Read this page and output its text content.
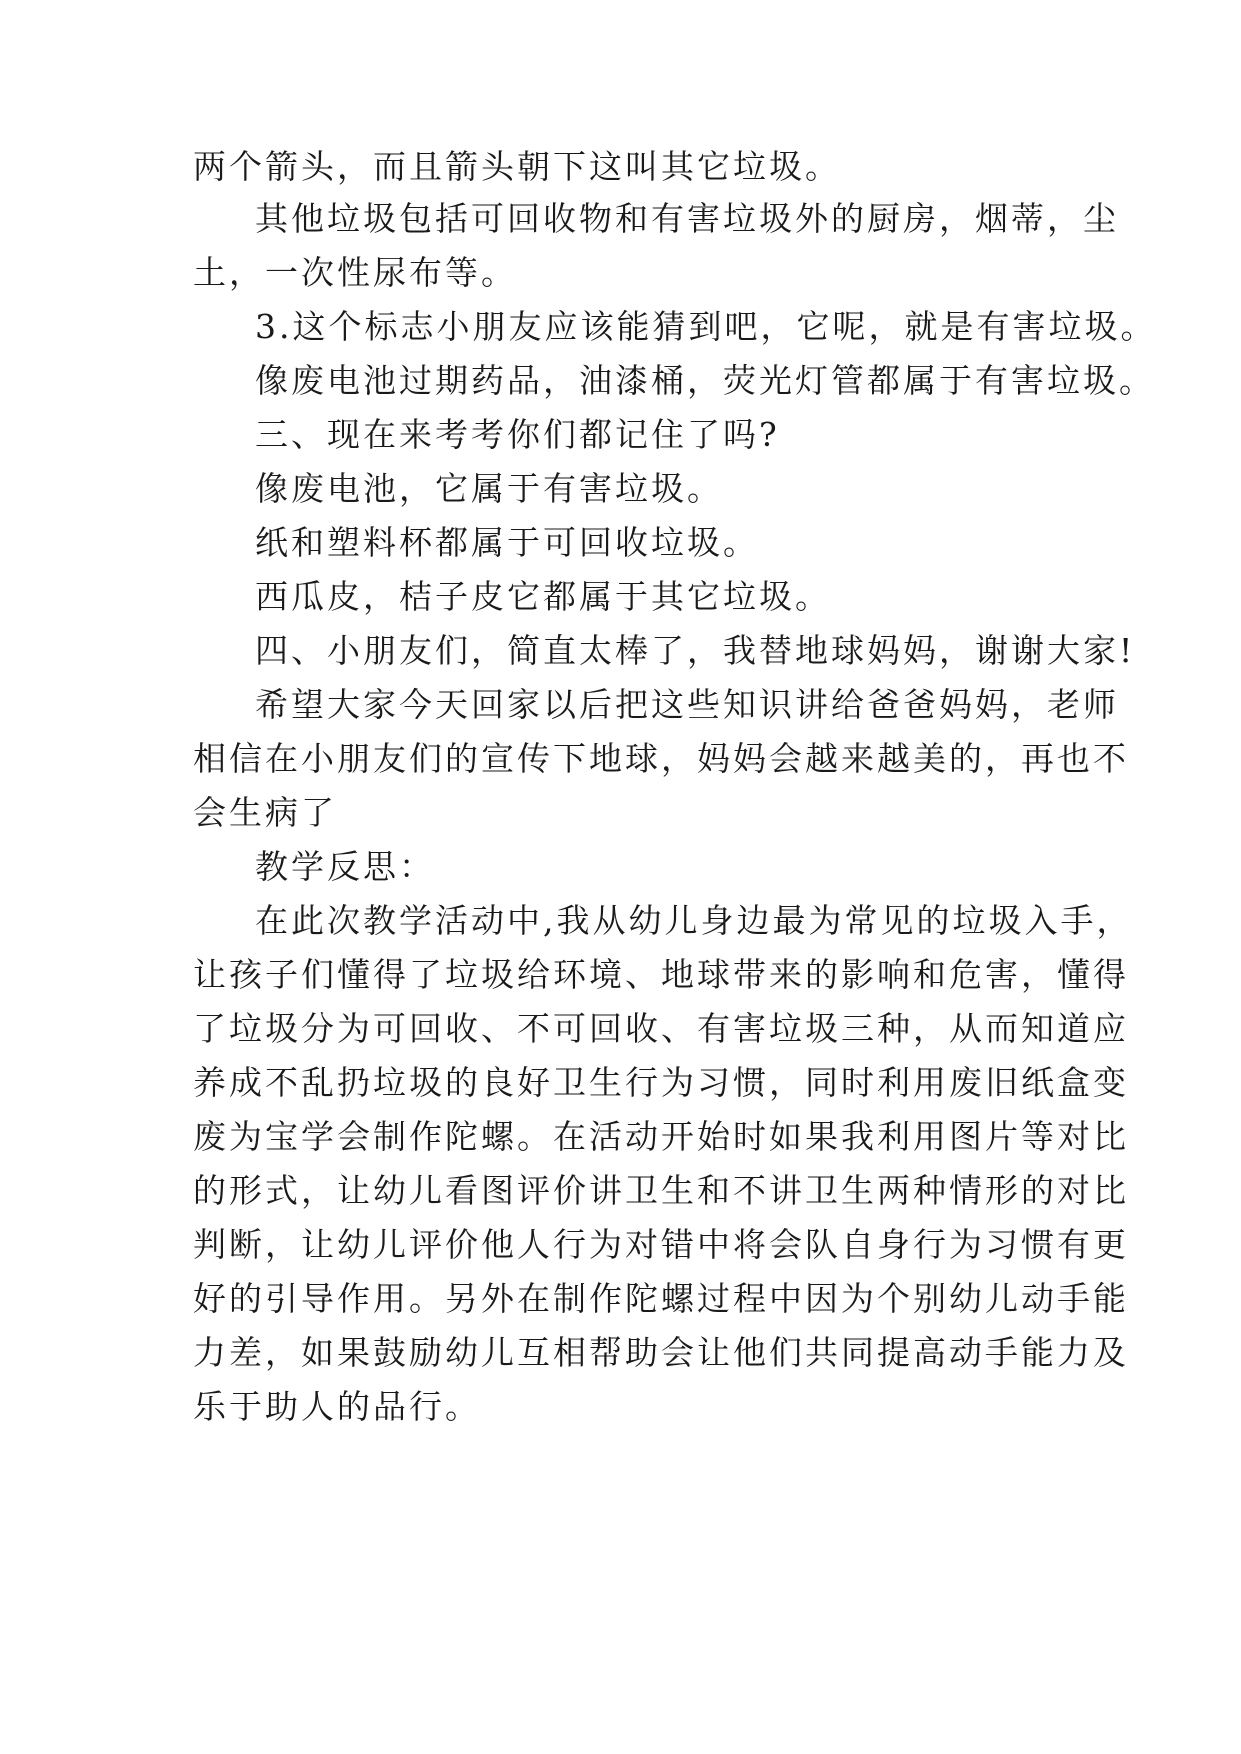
两个箭头，而且箭头朝下这叫其它垃圾。
其他垃圾包括可回收物和有害垃圾外的厨房，烟蒂，尘
土，一次性尿布等。
3.这个标志小朋友应该能猜到吧，它呢，就是有害垃圾。
像废电池过期药品，油漆桶，荧光灯管都属于有害垃圾。
三、现在来考考你们都记住了吗?
像废电池，它属于有害垃圾。
纸和塑料杯都属于可回收垃圾。
西瓜皮，桔子皮它都属于其它垃圾。
四、小朋友们，简直太棒了，我替地球妈妈，谢谢大家!
希望大家今天回家以后把这些知识讲给爸爸妈妈，老师
相信在小朋友们的宣传下地球，妈妈会越来越美的，再也不
会生病了
教学反思：
在此次教学活动中,我从幼儿身边最为常见的垃圾入手，
让孩子们懂得了垃圾给环境、地球带来的影响和危害，懂得
了垃圾分为可回收、不可回收、有害垃圾三种，从而知道应
养成不乱扔垃圾的良好卫生行为习惯，同时利用废旧纸盒变
废为宝学会制作陀螺。在活动开始时如果我利用图片等对比
的形式，让幼儿看图评价讲卫生和不讲卫生两种情形的对比
判断，让幼儿评价他人行为对错中将会队自身行为习惯有更
好的引导作用。另外在制作陀螺过程中因为个别幼儿动手能
力差，如果鼓励幼儿互相帮助会让他们共同提高动手能力及
乐于助人的品行。
